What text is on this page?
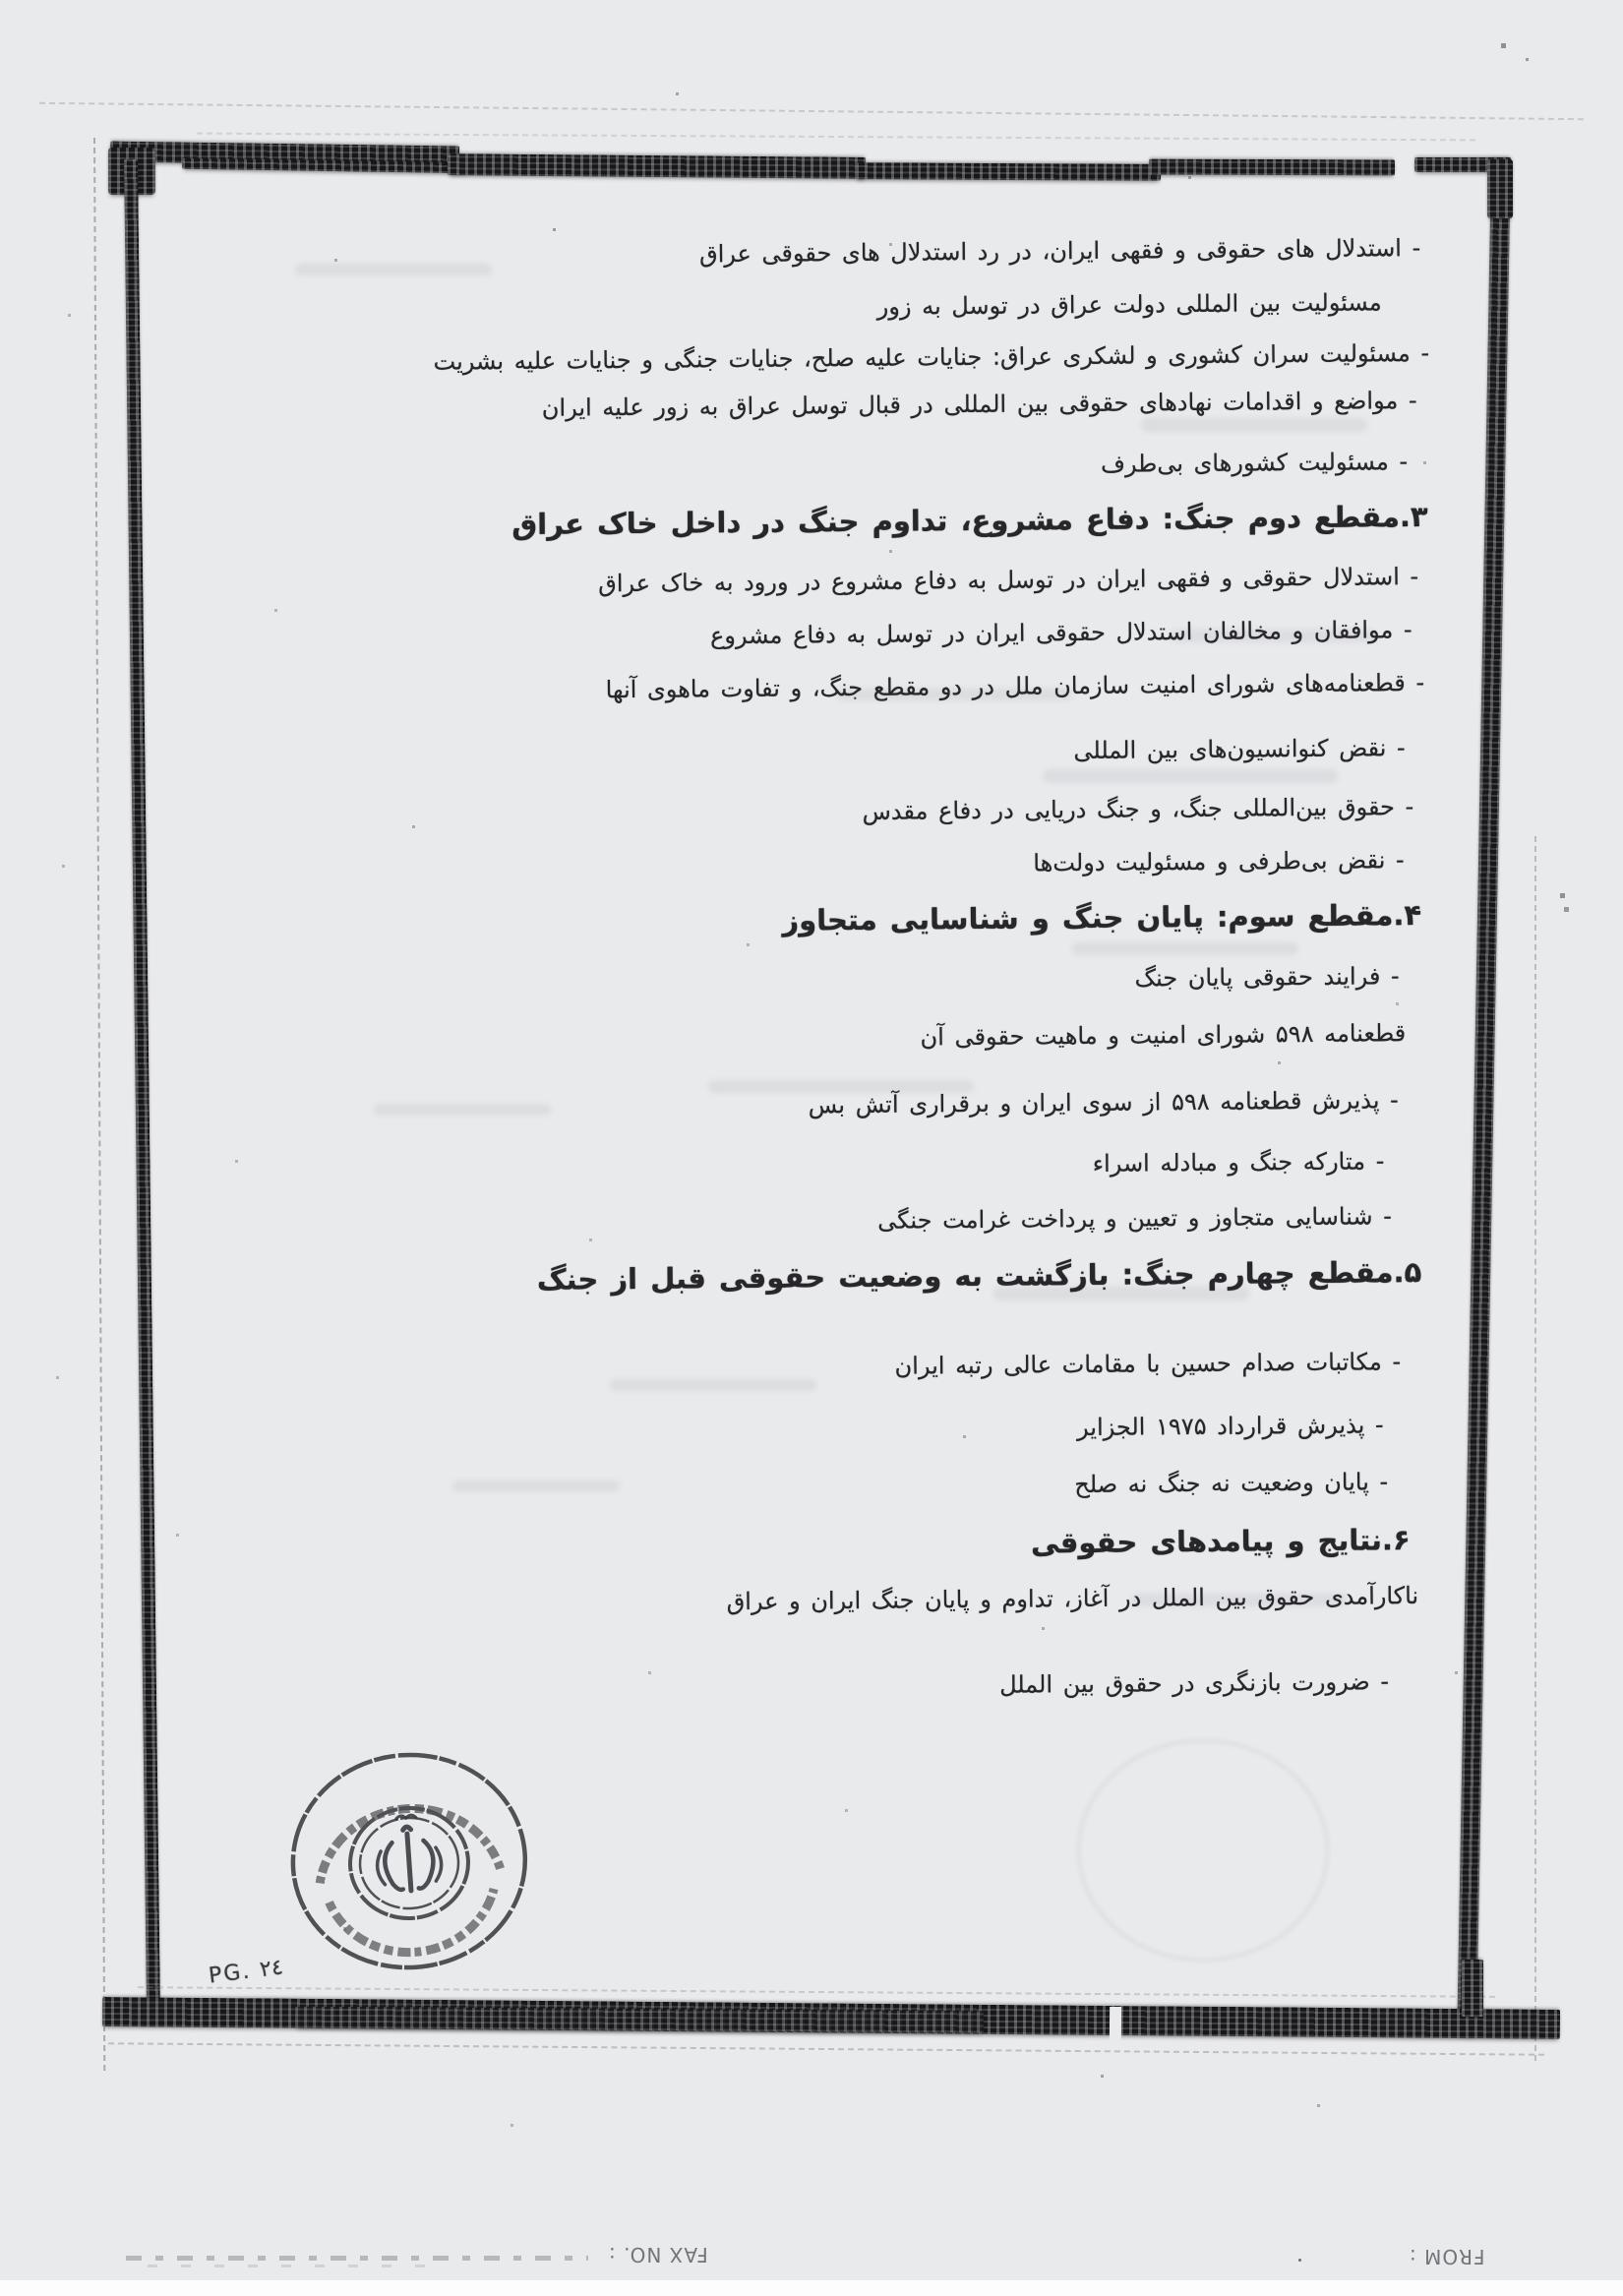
- استدلال های حقوقی و فقهی ایران، در رد استدلال های حقوقی عراق
مسئولیت بین المللی دولت عراق در توسل به زور
- مسئولیت سران کشوری و لشکری عراق: جنایات علیه صلح، جنایات جنگی و جنایات علیه بشریت
- مواضع و اقدامات نهادهای حقوقی بین المللی در قبال توسل عراق به زور علیه ایران
- مسئولیت کشورهای بی‌طرف
۳.مقطع دوم جنگ: دفاع مشروع، تداوم جنگ در داخل خاک عراق
- استدلال حقوقی و فقهی ایران در توسل به دفاع مشروع در ورود به خاک عراق
- موافقان و مخالفان استدلال حقوقی ایران در توسل به دفاع مشروع
- قطعنامه‌های شورای امنیت سازمان ملل در دو مقطع جنگ، و تفاوت ماهوی آنها
- نقض کنوانسیون‌های بین المللی
- حقوق بین‌المللی جنگ، و جنگ دریایی در دفاع مقدس
- نقض بی‌طرفی و مسئولیت دولت‌ها
۴.مقطع سوم: پایان جنگ و شناسایی متجاوز
- فرایند حقوقی پایان جنگ
قطعنامه ۵۹۸ شورای امنیت و ماهیت حقوقی آن
- پذیرش قطعنامه ۵۹۸ از سوی ایران و برقراری آتش بس
- متارکه جنگ و مبادله اسراء
- شناسایی متجاوز و تعیین و پرداخت غرامت جنگی
۵.مقطع چهارم جنگ: بازگشت به وضعیت حقوقی قبل از جنگ
- مکاتبات صدام حسین با مقامات عالی رتبه ایران
- پذیرش قرارداد ۱۹۷۵ الجزایر
- پایان وضعیت نه جنگ نه صلح
۶.نتایج و پیامدهای حقوقی
ناکارآمدی حقوق بین الملل در آغاز، تداوم و پایان جنگ ایران و عراق
- ضرورت بازنگری در حقوق بین الملل
PG. ٢٤
FAX NO. :	FROM :
